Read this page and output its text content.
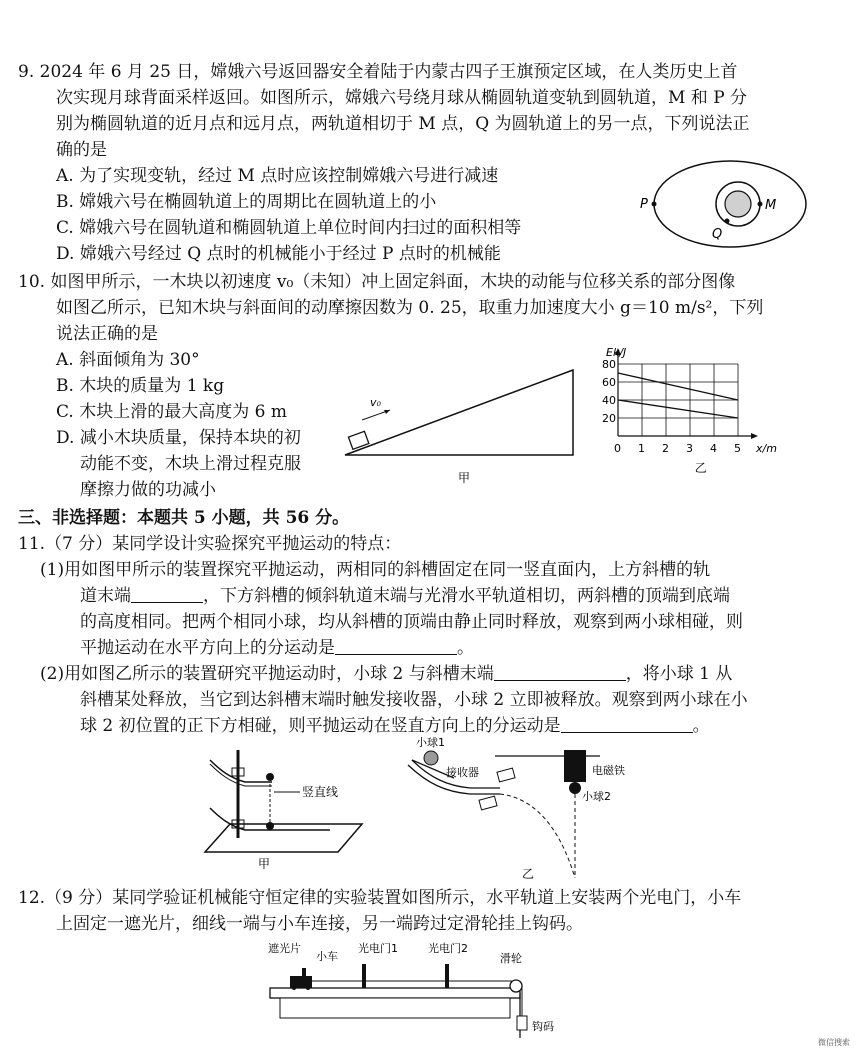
9. 2024 年 6 月 25 日，嫦娥六号返回器安全着陆于内蒙古四子王旗预定区域，在人类历史上首
次实现月球背面采样返回。如图所示，嫦娥六号绕月球从椭圆轨道变轨到圆轨道，M 和 P 分
别为椭圆轨道的近月点和远月点，两轨道相切于 M 点，Q 为圆轨道上的另一点，下列说法正
确的是
A. 为了实现变轨，经过 M 点时应该控制嫦娥六号进行减速
B. 嫦娥六号在椭圆轨道上的周期比在圆轨道上的小
C. 嫦娥六号在圆轨道和椭圆轨道上单位时间内扫过的面积相等
D. 嫦娥六号经过 Q 点时的机械能小于经过 P 点时的机械能
P
Q
M
10. 如图甲所示，一木块以初速度 v₀（未知）冲上固定斜面，木块的动能与位移关系的部分图像
如图乙所示，已知木块与斜面间的动摩擦因数为 0. 25，取重力加速度大小 g＝10 m/s²，下列
说法正确的是
A. 斜面倾角为 30°
B. 木块的质量为 1 kg
C. 木块上滑的最大高度为 6 m
D. 减小木块质量，保持本块的初
动能不变，木块上滑过程克服
摩擦力做的功减小
v₀
甲
0 1 2 3 4 5
20
40
60
80
Ek/J
x/m
乙
三、非选择题：本题共 5 小题，共 56 分。
11.（7 分）某同学设计实验探究平抛运动的特点：
(1)用如图甲所示的装置探究平抛运动，两相同的斜槽固定在同一竖直面内，上方斜槽的轨
道末端	，下方斜槽的倾斜轨道末端与光滑水平轨道相切，两斜槽的顶端到底端
的高度相同。把两个相同小球，均从斜槽的顶端由静止同时释放，观察到两小球相碰，则
平抛运动在水平方向上的分运动是	。
(2)用如图乙所示的装置研究平抛运动时，小球 2 与斜槽末端	，将小球 1 从
斜槽某处释放，当它到达斜槽末端时触发接收器，小球 2 立即被释放。观察到两小球在小
球 2 初位置的正下方相碰，则平抛运动在竖直方向上的分运动是	。
竖直线
甲
小球1
接收器	电磁铁
小球2
乙
12.（9 分）某同学验证机械能守恒定律的实验装置如图所示，水平轨道上安装两个光电门，小车
上固定一遮光片，细线一端与小车连接，另一端跨过定滑轮挂上钩码。
遮光片
小车
光电门1	光电门2
滑轮
钩码
微信搜索
